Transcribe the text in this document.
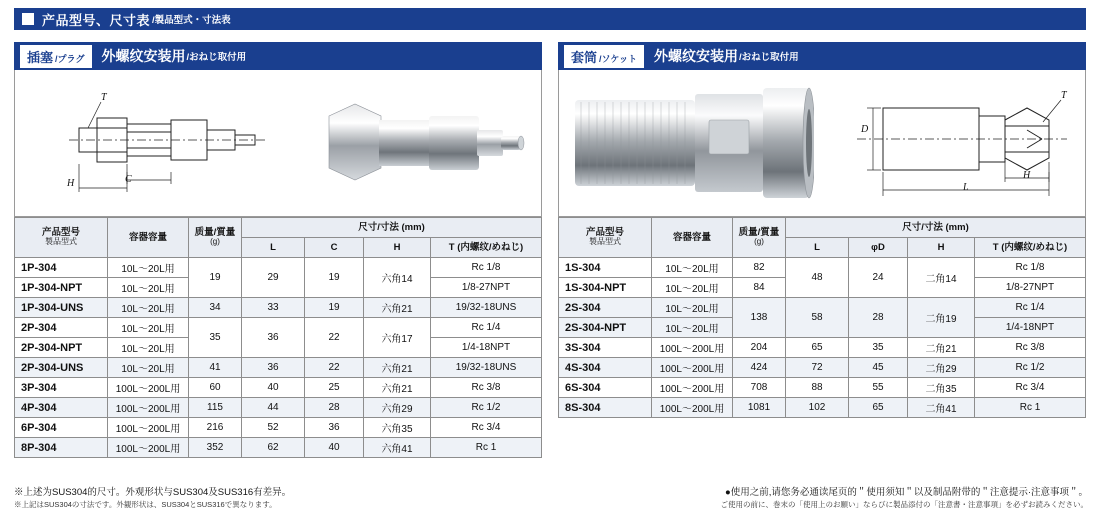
产品型号、尺寸表 /製品型式・寸法表
插塞 /プラグ 外螺纹安装用 /おねじ取付用
T
C
H
产品型号
製品型式	容器容量	质量/質量
(g)	尺寸/寸法 (mm)			
			L	C	H	T (内螺纹/めねじ)
1P-304	10L〜20L用	19	29	19	六角14	Rc 1/8
1P-304-NPT	10L〜20L用					1/8-27NPT
1P-304-UNS	10L〜20L用	34	33	19	六角21	19/32-18UNS
2P-304	10L〜20L用	35	36	22	六角17	Rc 1/4
2P-304-NPT	10L〜20L用					1/4-18NPT
2P-304-UNS	10L〜20L用	41	36	22	六角21	19/32-18UNS
3P-304	100L〜200L用	60	40	25	六角21	Rc 3/8
4P-304	100L〜200L用	115	44	28	六角29	Rc 1/2
6P-304	100L〜200L用	216	52	36	六角35	Rc 3/4
8P-304	100L〜200L用	352	62	40	六角41	Rc 1
套筒 /ソケット 外螺纹安装用 /おねじ取付用
T
D
H
L
产品型号
製品型式	容器容量	质量/質量
(g)	尺寸/寸法 (mm)			
			L	φD	H	T (内螺纹/めねじ)
1S-304	10L〜20L用	82	48	24	二角14	Rc 1/8
1S-304-NPT	10L〜20L用	84				1/8-27NPT
2S-304	10L〜20L用	138	58	28	二角19	Rc 1/4
2S-304-NPT	10L〜20L用					1/4-18NPT
3S-304	100L〜200L用	204	65	35	二角21	Rc 3/8
4S-304	100L〜200L用	424	72	45	二角29	Rc 1/2
6S-304	100L〜200L用	708	88	55	二角35	Rc 3/4
8S-304	100L〜200L用	1081	102	65	二角41	Rc 1
※上述为SUS304的尺寸。外观形状与SUS304及SUS316有差异。
※上記はSUS304の寸法です。外観形状は、SUS304とSUS316で異なります。
●使用之前,请您务必通读尾页的＂使用须知＂以及制品附带的＂注意提示·注意事项＂。
ご使用の前に、巻末の「使用上のお願い」ならびに製品添付の「注意書・注意事項」を必ずお読みください。
